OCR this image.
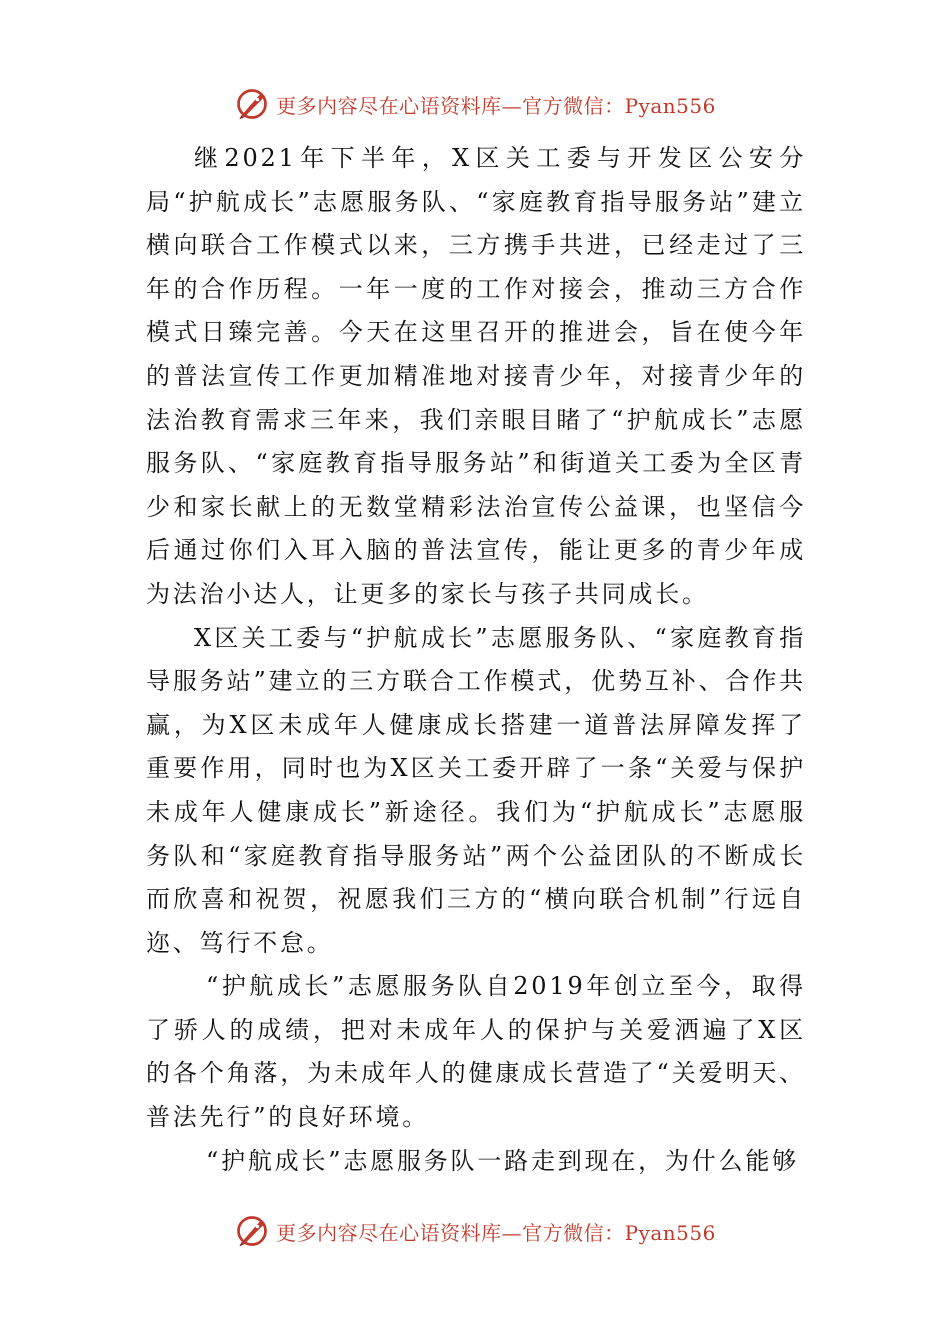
更多内容尽在心语资料库—官方微信：Pyan556

继2021年下半年，X区关工委与开发区公安分局“护航成长”志愿服务队、“家庭教育指导服务站”建立横向联合工作模式以来，三方携手共进，已经走过了三年的合作历程。一年一度的工作对接会，推动三方合作模式日臻完善。今天在这里召开的推进会，旨在使今年的普法宣传工作更加精准地对接青少年，对接青少年的法治教育需求三年来，我们亲眼目睹了“护航成长”志愿服务队、“家庭教育指导服务站”和街道关工委为全区青少和家长献上的无数堂精彩法治宣传公益课，也坚信今后通过你们入耳入脑的普法宣传，能让更多的青少年成为法治小达人，让更多的家长与孩子共同成长。

X区关工委与“护航成长”志愿服务队、“家庭教育指导服务站”建立的三方联合工作模式，优势互补、合作共赢，为X区未成年人健康成长搭建一道普法屏障发挥了重要作用，同时也为X区关工委开辟了一条“关爱与保护未成年人健康成长”新途径。我们为“护航成长”志愿服务队和“家庭教育指导服务站”两个公益团队的不断成长而欣喜和祝贺，祝愿我们三方的“横向联合机制”行远自迩、笃行不怠。

“护航成长”志愿服务队自2019年创立至今，取得了骄人的成绩，把对未成年人的保护与关爱洒遍了X区的各个角落，为未成年人的健康成长营造了“关爱明天、普法先行”的良好环境。

“护航成长”志愿服务队一路走到现在，为什么能够

更多内容尽在心语资料库—官方微信：Pyan556
